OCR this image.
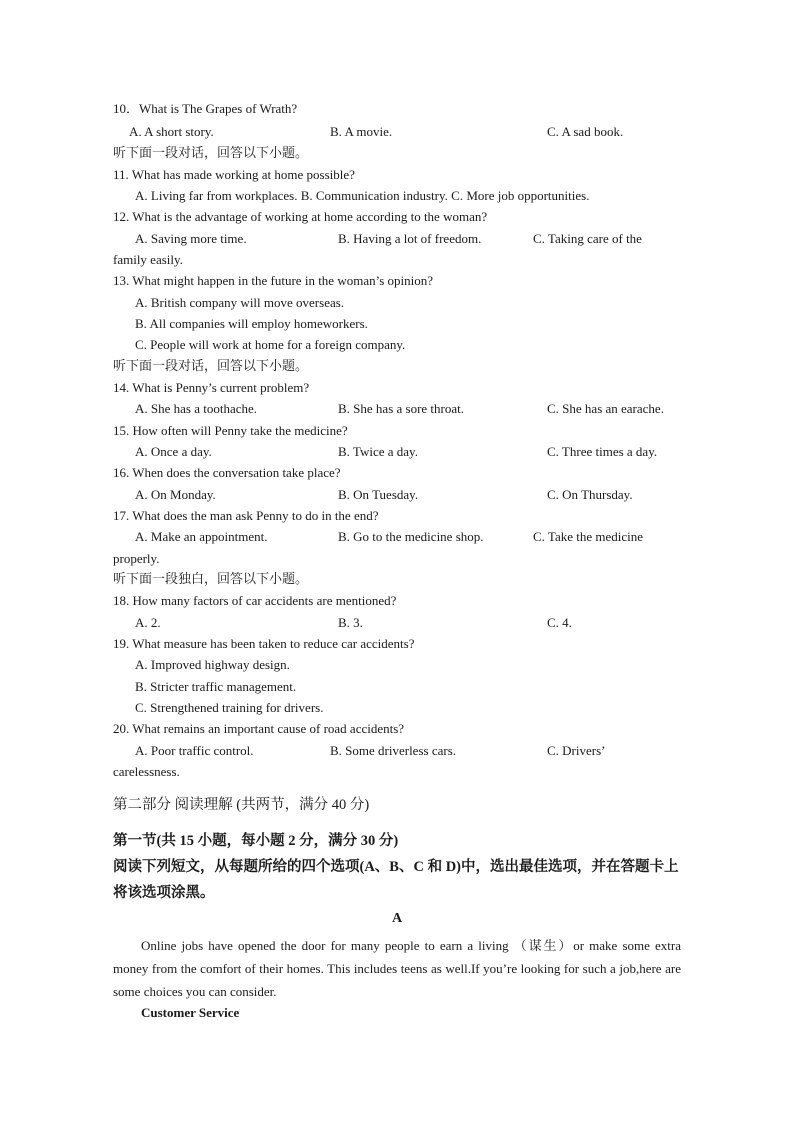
10．What is The Grapes of Wrath?
A. A short story.	B. A movie.	C. A sad book.
听下面一段对话，回答以下小题。
11. What has made working at home possible?
A. Living far from workplaces. B. Communication industry. C. More job opportunities.
12. What is the advantage of working at home according to the woman?
A. Saving more time.	B. Having a lot of freedom.	C. Taking care of the
family easily.
13. What might happen in the future in the woman’s opinion?
A. British company will move overseas.
B. All companies will employ homeworkers.
C. People will work at home for a foreign company.
听下面一段对话，回答以下小题。
14. What is Penny’s current problem?
A. She has a toothache.	B. She has a sore throat.	C. She has an earache.
15. How often will Penny take the medicine?
A. Once a day.	B. Twice a day.	C. Three times a day.
16. When does the conversation take place?
A. On Monday.	B. On Tuesday.	C. On Thursday.
17. What does the man ask Penny to do in the end?
A. Make an appointment.	B. Go to the medicine shop.	C. Take the medicine
properly.
听下面一段独白，回答以下小题。
18. How many factors of car accidents are mentioned?
A. 2.	B. 3.	C. 4.
19. What measure has been taken to reduce car accidents?
A. Improved highway design.
B. Stricter traffic management.
C. Strengthened training for drivers.
20. What remains an important cause of road accidents?
A. Poor traffic control.	B. Some driverless cars.	C. Drivers’
carelessness.
第二部分 阅读理解 (共两节，满分 40 分)
第一节(共 15 小题，每小题 2 分，满分 30 分)
阅读下列短文，从每题所给的四个选项(A、B、C 和 D)中，选出最佳选项，并在答题卡上
将该选项涂黑。
A
Online jobs have opened the door for many people to earn a living （谋生）or make some extra money from the comfort of their homes. This includes teens as well.If you’re looking for such a job,here are some choices you can consider.
Customer Service
